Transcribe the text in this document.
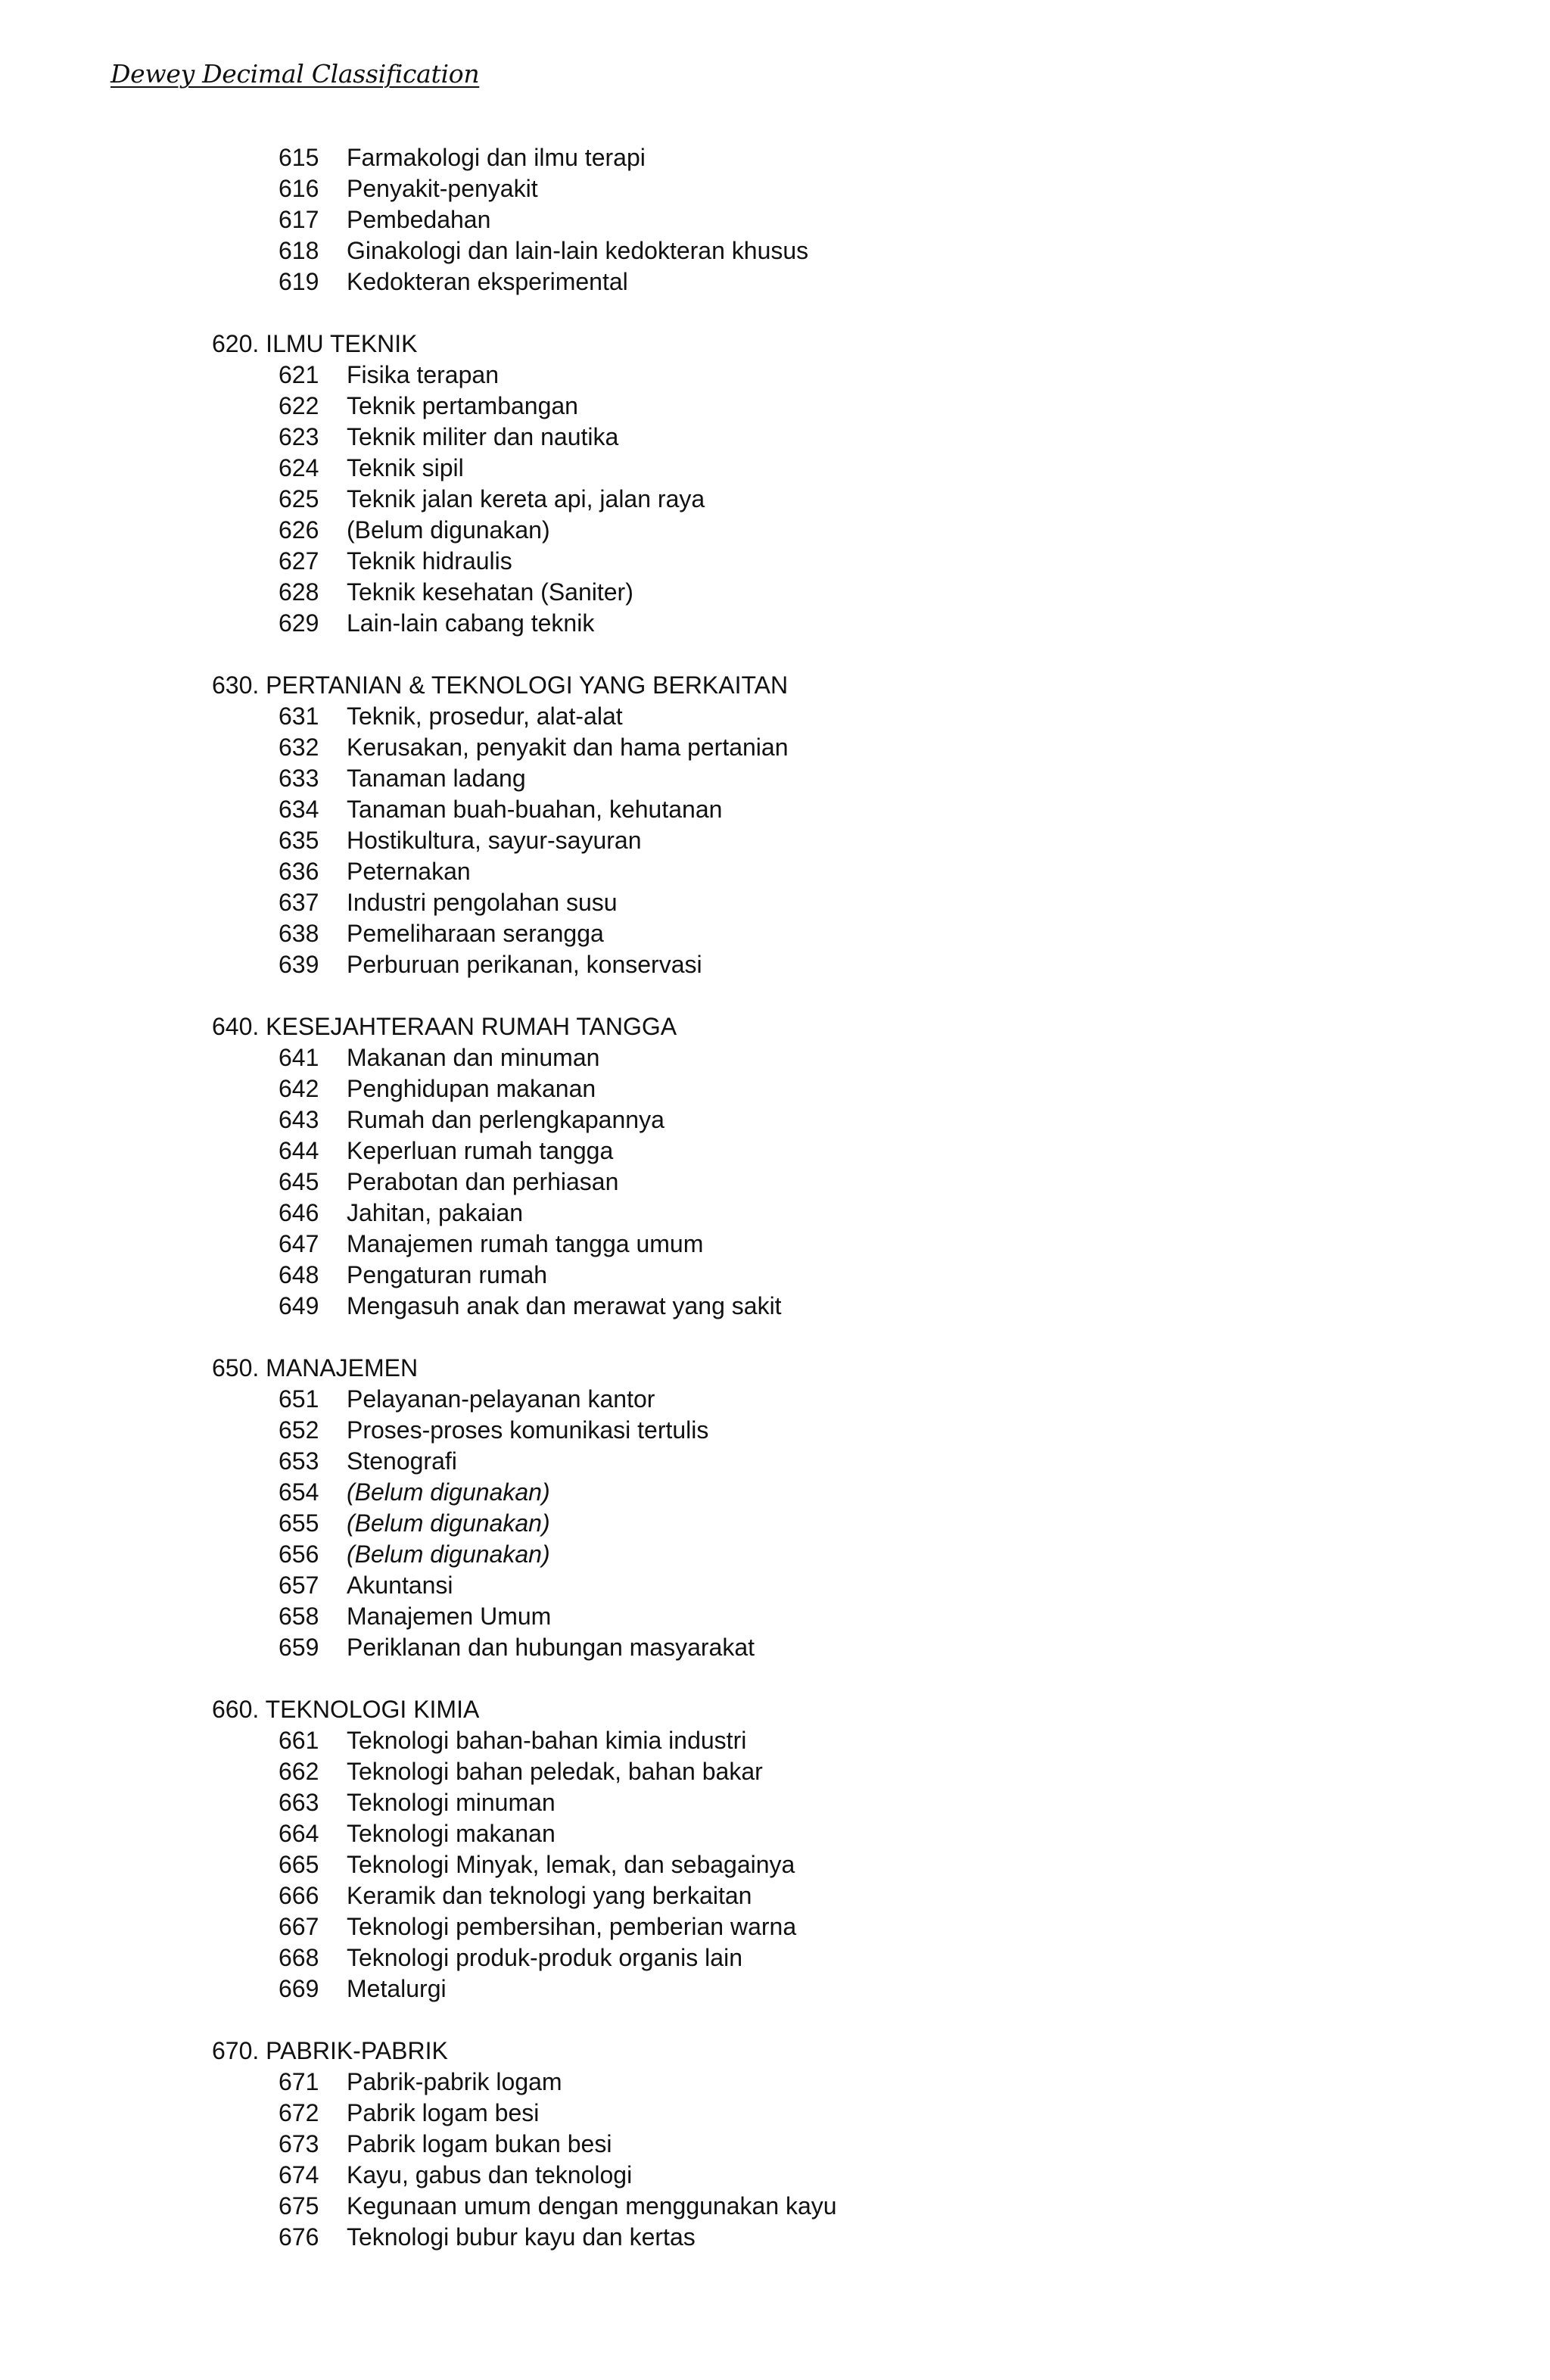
Dewey Decimal Classification
615 Farmakologi dan ilmu terapi
616 Penyakit-penyakit
617 Pembedahan
618 Ginakologi dan lain-lain kedokteran khusus
619 Kedokteran eksperimental
620. ILMU TEKNIK
621 Fisika terapan
622 Teknik pertambangan
623 Teknik militer dan nautika
624 Teknik sipil
625 Teknik jalan kereta api, jalan raya
626 (Belum digunakan)
627 Teknik hidraulis
628 Teknik kesehatan (Saniter)
629 Lain-lain cabang teknik
630. PERTANIAN & TEKNOLOGI YANG BERKAITAN
631 Teknik, prosedur, alat-alat
632 Kerusakan, penyakit dan hama pertanian
633 Tanaman ladang
634 Tanaman buah-buahan, kehutanan
635 Hostikultura, sayur-sayuran
636 Peternakan
637 Industri pengolahan susu
638 Pemeliharaan serangga
639 Perburuan perikanan, konservasi
640. KESEJAHTERAAN RUMAH TANGGA
641 Makanan dan minuman
642 Penghidupan makanan
643 Rumah dan perlengkapannya
644 Keperluan rumah tangga
645 Perabotan dan perhiasan
646 Jahitan, pakaian
647 Manajemen rumah tangga umum
648 Pengaturan rumah
649 Mengasuh anak dan merawat yang sakit
650. MANAJEMEN
651 Pelayanan-pelayanan kantor
652 Proses-proses komunikasi tertulis
653 Stenografi
654 (Belum digunakan)
655 (Belum digunakan)
656 (Belum digunakan)
657 Akuntansi
658 Manajemen Umum
659 Periklanan dan hubungan masyarakat
660. TEKNOLOGI KIMIA
661 Teknologi bahan-bahan kimia industri
662 Teknologi bahan peledak, bahan bakar
663 Teknologi minuman
664 Teknologi makanan
665 Teknologi Minyak, lemak, dan sebagainya
666 Keramik dan teknologi yang berkaitan
667 Teknologi pembersihan, pemberian warna
668 Teknologi produk-produk organis lain
669 Metalurgi
670. PABRIK-PABRIK
671 Pabrik-pabrik logam
672 Pabrik logam besi
673 Pabrik logam bukan besi
674 Kayu, gabus dan teknologi
675 Kegunaan umum dengan menggunakan kayu
676 Teknologi bubur kayu dan kertas
